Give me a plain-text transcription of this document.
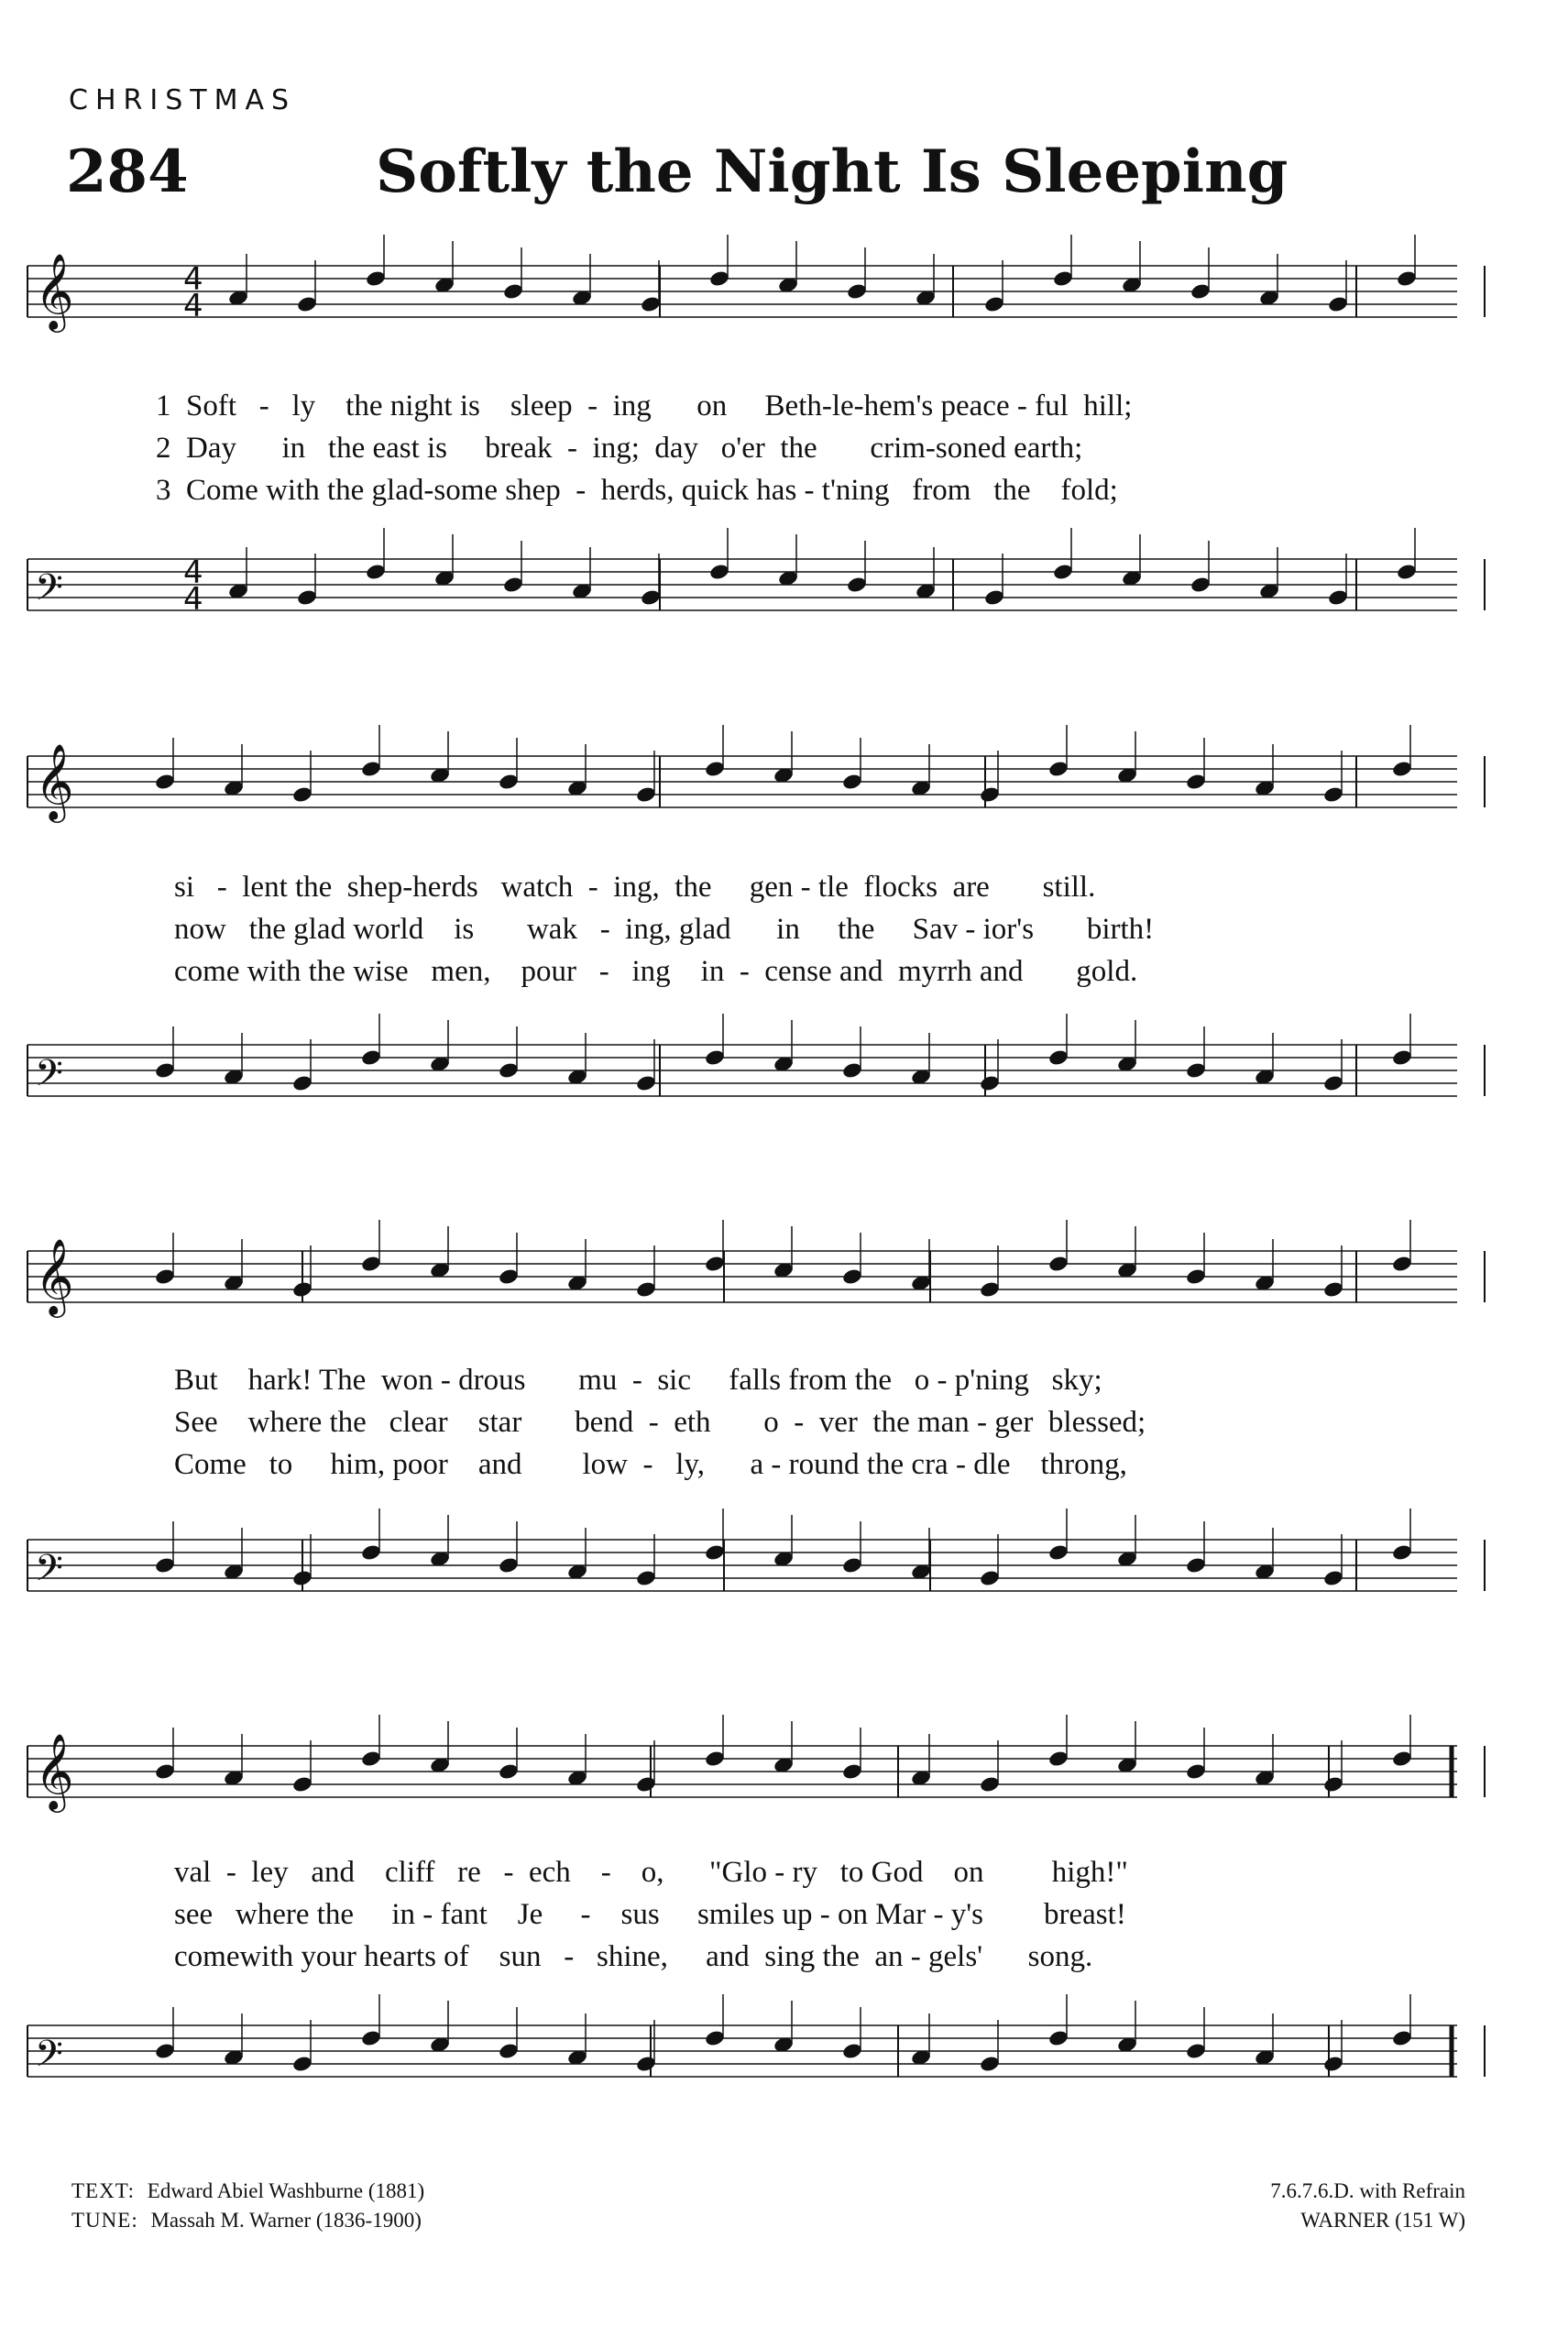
CHRISTMAS
284	Softly the Night Is Sleeping
𝄞	4
4
𝄢	4
4
1  Soft   -   ly    the night is    sleep  -  ing      on     Beth-le-hem's peace - ful  hill;
2  Day      in   the east is     break  -  ing;  day   o'er  the       crim-soned earth;
3  Come with the glad-some shep  -  herds, quick has - t'ning   from   the    fold;
𝄞
𝄢
si   -  lent the  shep-herds   watch  -  ing,  the     gen - tle  flocks  are       still.
now   the glad world    is       wak   -  ing, glad      in     the     Sav - ior's       birth!
come with the wise   men,    pour   -   ing    in  -  cense and  myrrh and       gold.
𝄞
𝄢
But    hark! The  won - drous       mu  -  sic     falls from the   o - p'ning   sky;
See    where the   clear    star       bend  -  eth       o  -  ver  the man - ger  blessed;
Come   to     him, poor    and        low  -   ly,      a - round the cra - dle    throng,
𝄞
𝄢
val  -  ley   and    cliff   re   -  ech    -    o,      "Glo - ry   to God    on         high!"
see   where the     in - fant    Je     -    sus     smiles up - on Mar - y's        breast!
comewith your hearts of    sun   -   shine,     and  sing the  an - gels'      song.
TEXT: Edward Abiel Washburne (1881)
TUNE: Massah M. Warner (1836-1900)
7.6.7.6.D. with Refrain
WARNER (151 W)
